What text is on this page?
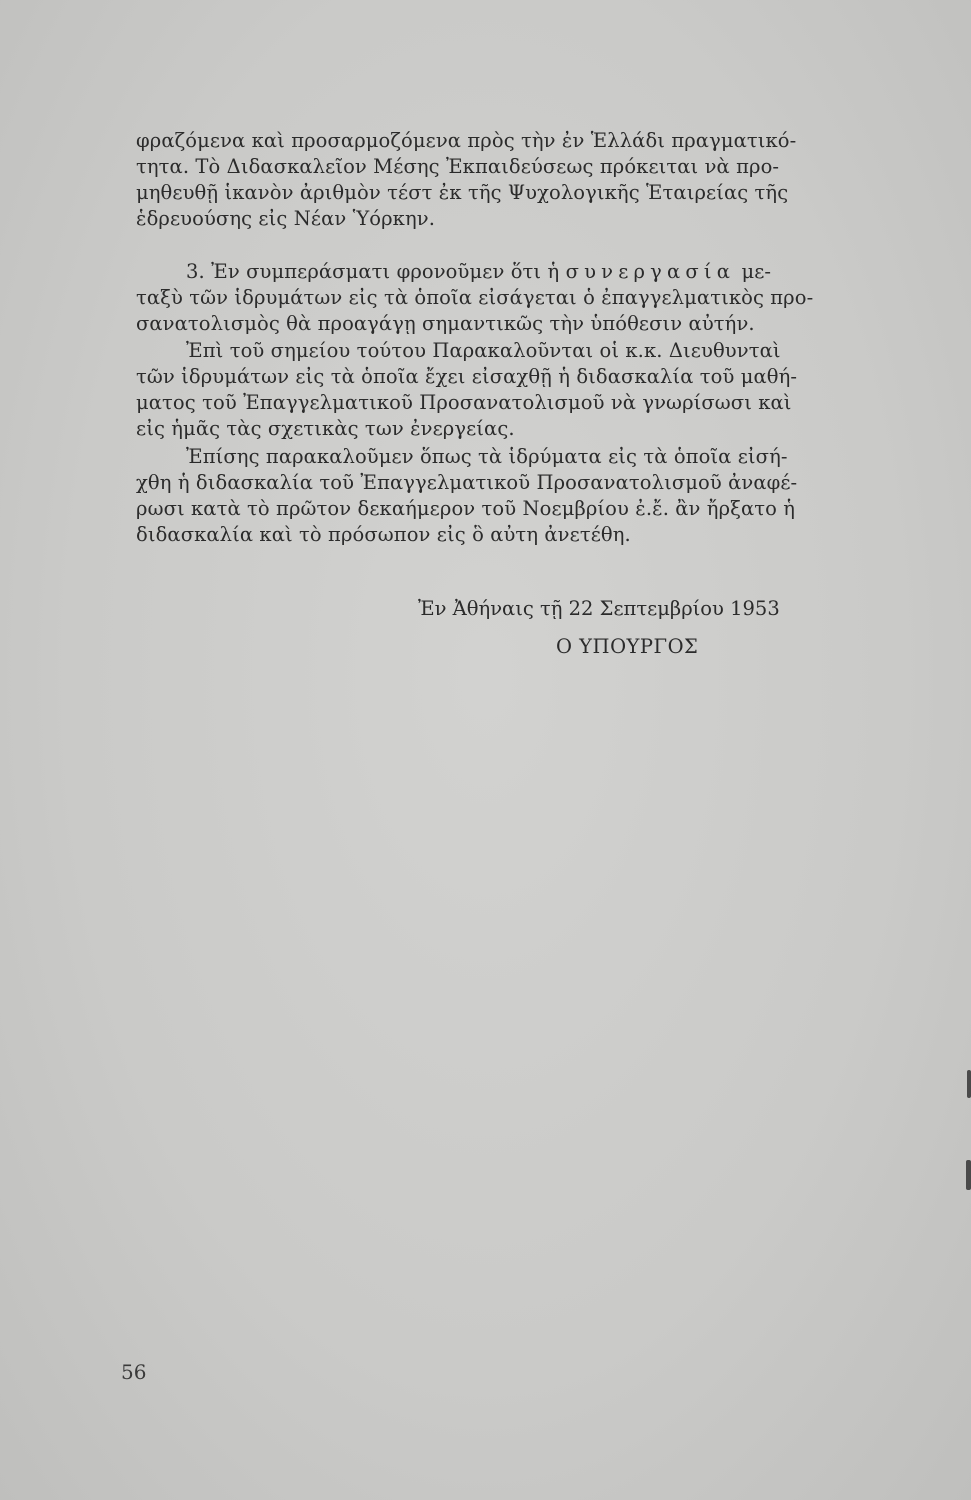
φραζόμενα καὶ προσαρμοζόμενα πρὸς τὴν ἐν Ἑλλάδι πραγματικό-
τητα. Τὸ Διδασκαλεῖον Μέσης Ἐκπαιδεύσεως πρόκειται νὰ προ-
μηθευθῇ ἱκανὸν ἀριθμὸν τέστ ἐκ τῆς Ψυχολογικῆς Ἑταιρείας τῆς
ἑδρευούσης εἰς Νέαν Ὑόρκην.
3. Ἐν συμπεράσματι φρονοῦμεν ὅτι ἡ συνεργασία με-
ταξὺ τῶν ἱδρυμάτων εἰς τὰ ὁποῖα εἰσάγεται ὁ ἐπαγγελματικὸς προ-
σανατολισμὸς θὰ προαγάγῃ σημαντικῶς τὴν ὑπόθεσιν αὐτήν.
Ἐπὶ τοῦ σημείου τούτου Παρακαλοῦνται οἱ κ.κ. Διευθυνταὶ
τῶν ἱδρυμάτων εἰς τὰ ὁποῖα ἔχει εἰσαχθῇ ἡ διδασκαλία τοῦ μαθή-
ματος τοῦ Ἐπαγγελματικοῦ Προσανατολισμοῦ νὰ γνωρίσωσι καὶ
εἰς ἡμᾶς τὰς σχετικὰς των ἐνεργείας.
Ἐπίσης παρακαλοῦμεν ὅπως τὰ ἱδρύματα εἰς τὰ ὁποῖα εἰσή-
χθη ἡ διδασκαλία τοῦ Ἐπαγγελματικοῦ Προσανατολισμοῦ ἀναφέ-
ρωσι κατὰ τὸ πρῶτον δεκαήμερον τοῦ Νοεμβρίου ἐ.ἔ. ἂν ἤρξατο ἡ
διδασκαλία καὶ τὸ πρόσωπον εἰς ὃ αὐτη ἀνετέθη.
Ἐν Ἀθήναις τῇ 22 Σεπτεμβρίου 1953
Ο ΥΠΟΥΡΓΟΣ
56
